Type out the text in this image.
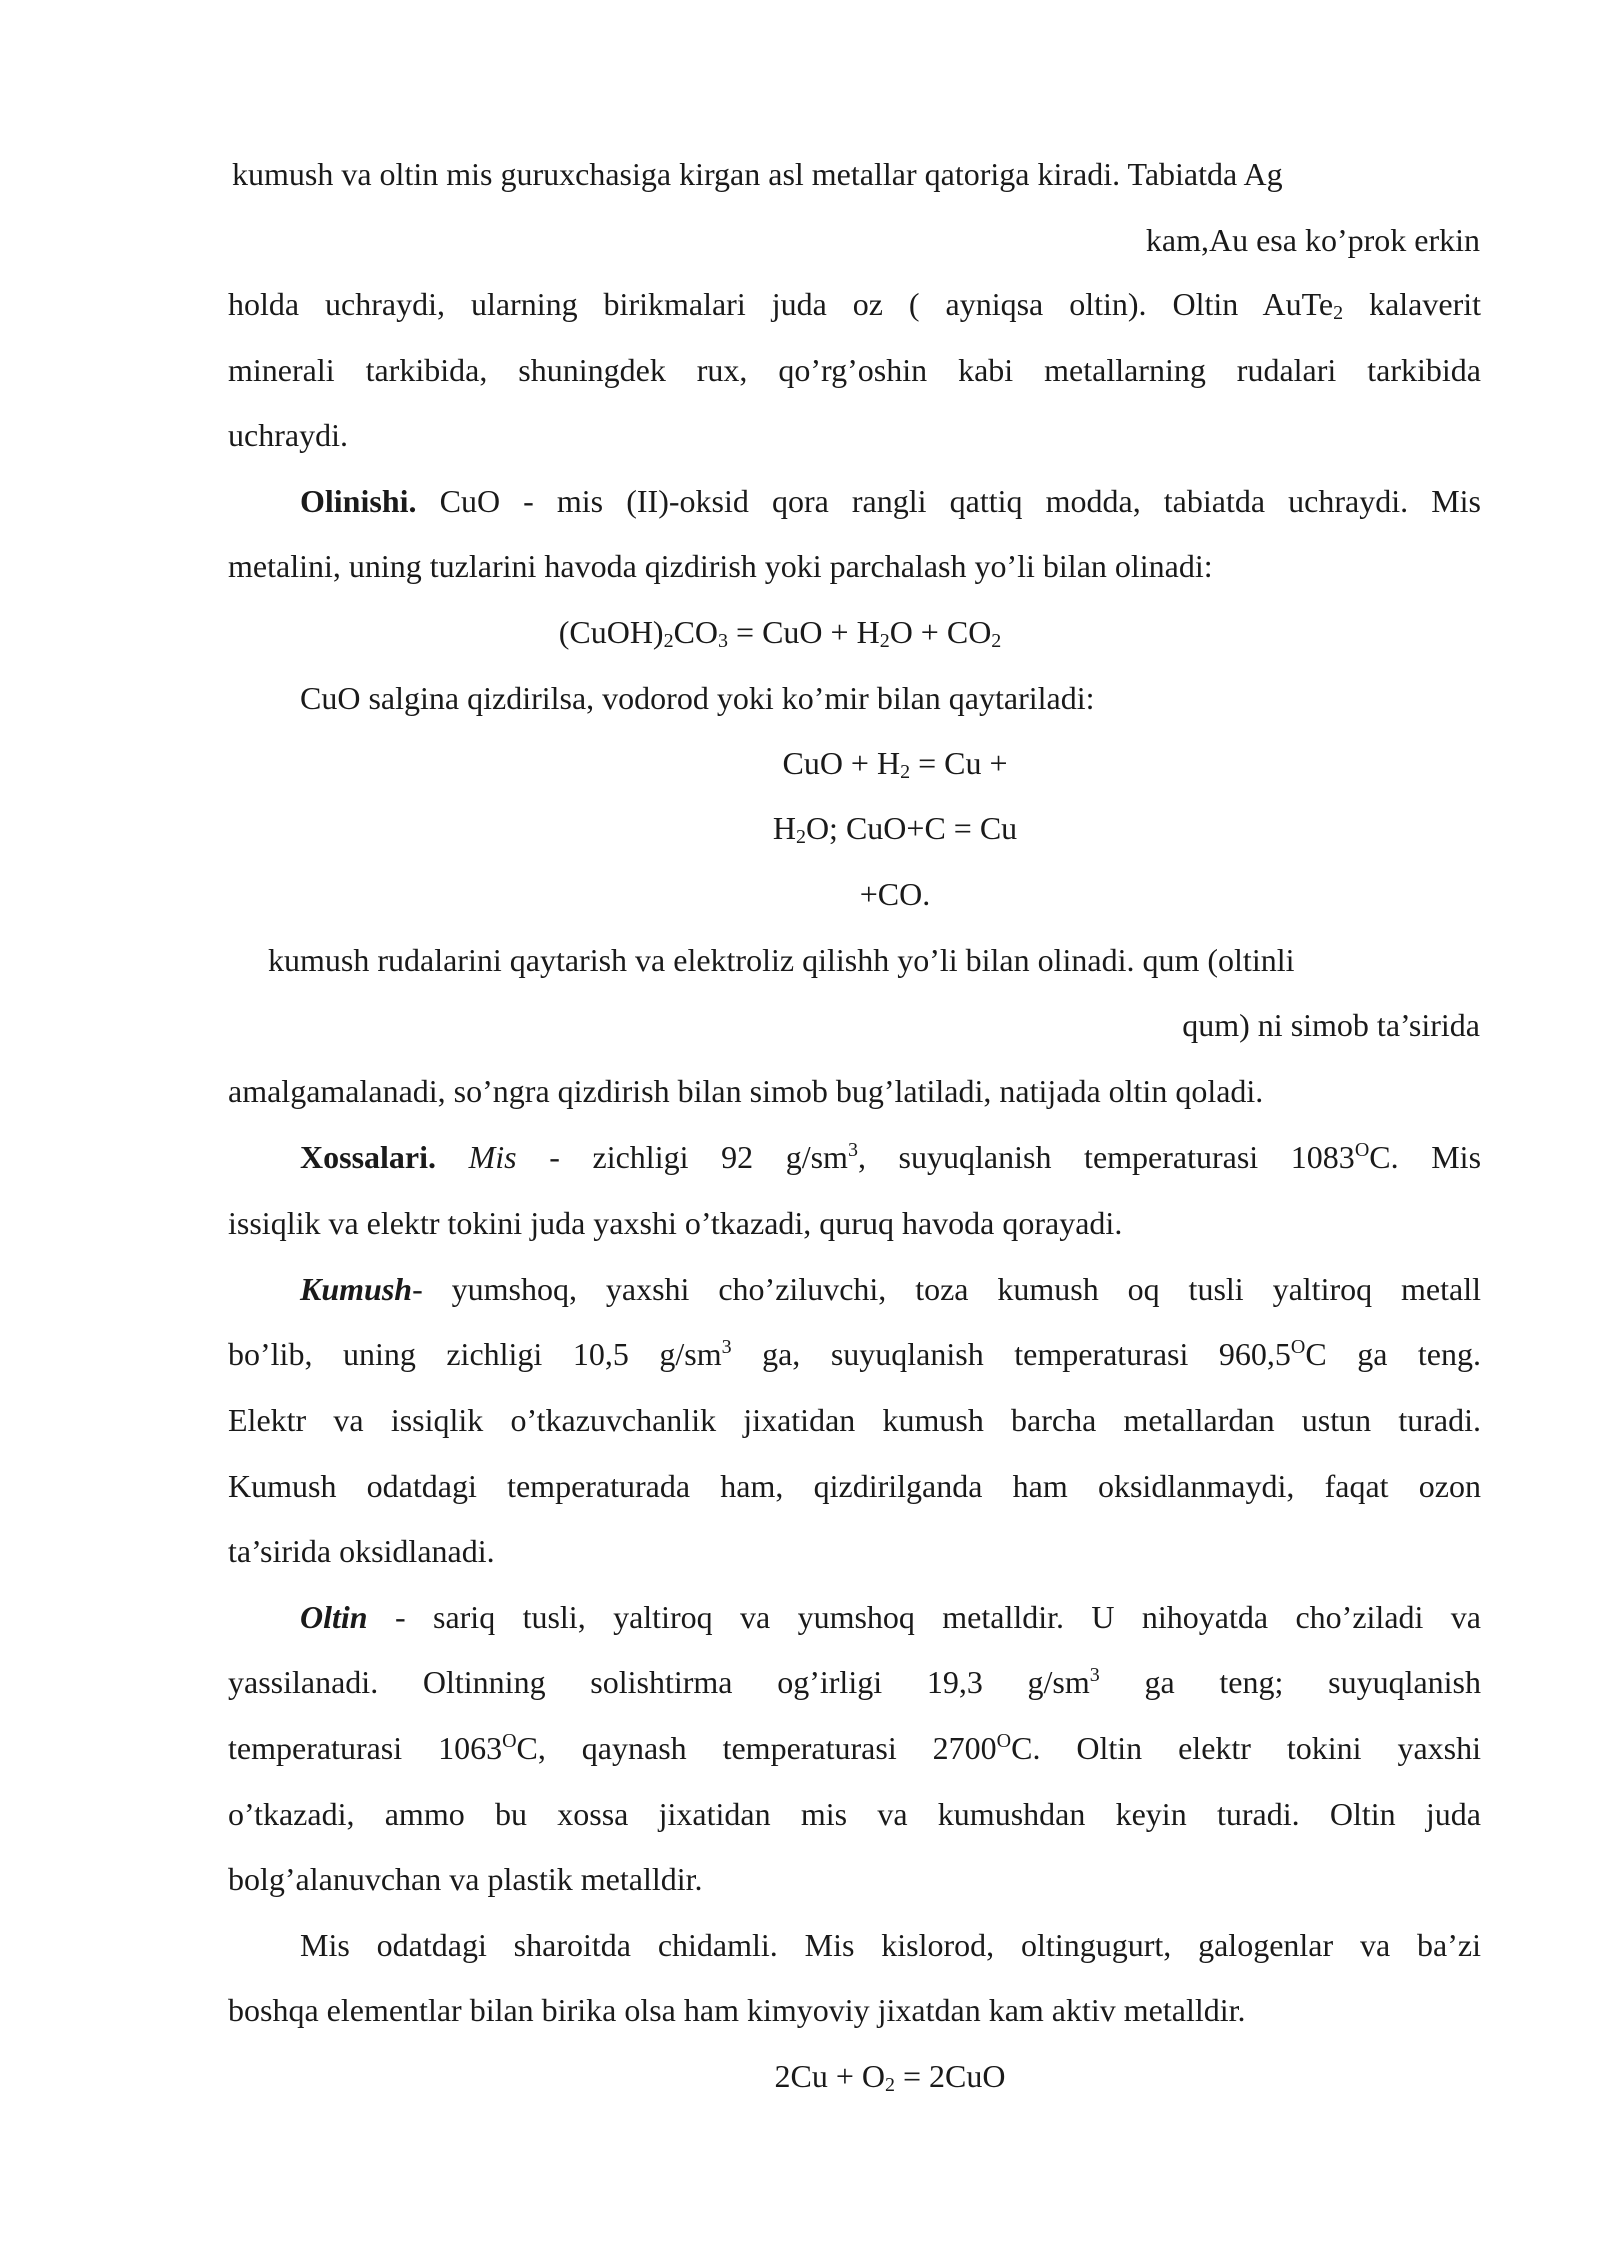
kumush va oltin mis guruxchasiga kirgan asl metallar qatoriga kiradi. Tabiatda Ag
kam,Au esa ko’prok erkin
holda uchraydi, ularning birikmalari juda oz ( ayniqsa oltin). Oltin AuTe$_2$ kalaverit
minerali tarkibida, shuningdek rux, qo’rg’oshin kabi metallarning rudalari tarkibida
uchraydi.
Olinishi. CuO - mis (II)-oksid qora rangli qattiq modda, tabiatda uchraydi. Mis
metalini, uning tuzlarini havoda qizdirish yoki parchalash yo’li bilan olinadi:
$(CuOH)_2CO_3$ = CuO + $H_2O + CO_2$
CuO salgina qizdirilsa, vodorod yoki ko’mir bilan qaytariladi:
CuO + $H_2 = Cu$ +
$H_2O$; CuO+C = Cu
+CO.
kumush rudalarini qaytarish va elektroliz qilishh yo’li bilan olinadi. qum (oltinli
qum) ni simob ta’sirida
amalgamalanadi, so’ngra qizdirish bilan simob bug’latiladi, natijada oltin qoladi.
Xossalari. Mis - zichligi 92 $g/sm^3$, suyuqlanish temperaturasi $1083^OC$. Mis
issiqlik va elektr tokini juda yaxshi o’tkazadi, quruq havoda qorayadi.
Kumush- yumshoq, yaxshi cho’ziluvchi, toza kumush oq tusli yaltiroq metall
bo’lib, uning zichligi 10,5 $g/sm^3$ ga, suyuqlanish temperaturasi $960,5^OC$ ga teng.
Elektr va issiqlik o’tkazuvchanlik jixatidan kumush barcha metallardan ustun turadi.
Kumush odatdagi temperaturada ham, qizdirilganda ham oksidlanmaydi, faqat ozon
ta’sirida oksidlanadi.
Oltin - sariq tusli, yaltiroq va yumshoq metalldir. U nihoyatda cho’ziladi va
yassilanadi. Oltinning solishtirma og’irligi 19,3 $g/sm^3$ ga teng; suyuqlanish
temperaturasi $1063^OC$, qaynash temperaturasi $2700^OC$. Oltin elektr tokini yaxshi
o’tkazadi, ammo bu xossa jixatidan mis va kumushdan keyin turadi. Oltin juda
bolg’alanuvchan va plastik metalldir.
Mis odatdagi sharoitda chidamli. Mis kislorod, oltingugurt, galogenlar va ba’zi
boshqa elementlar bilan birika olsa ham kimyoviy jixatdan kam aktiv metalldir.
$2Cu + O_2 = 2CuO$
